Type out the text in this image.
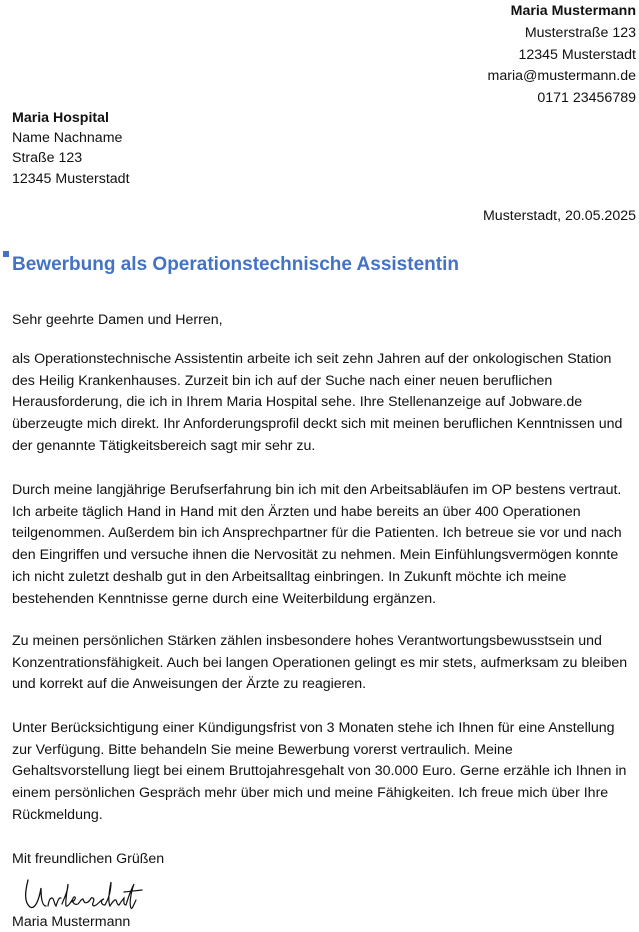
Maria Mustermann
Musterstraße 123
12345 Musterstadt
maria@mustermann.de
0171 23456789
Maria Hospital
Name Nachname
Straße 123
12345 Musterstadt
Musterstadt, 20.05.2025
Bewerbung als Operationstechnische Assistentin
Sehr geehrte Damen und Herren,

als Operationstechnische Assistentin arbeite ich seit zehn Jahren auf der onkologischen Station des Heilig Krankenhauses. Zurzeit bin ich auf der Suche nach einer neuen beruflichen Herausforderung, die ich in Ihrem Maria Hospital sehe. Ihre Stellenanzeige auf Jobware.de überzeugte mich direkt. Ihr Anforderungsprofil deckt sich mit meinen beruflichen Kenntnissen und der genannte Tätigkeitsbereich sagt mir sehr zu.

Durch meine langjährige Berufserfahrung bin ich mit den Arbeitsabläufen im OP bestens vertraut. Ich arbeite täglich Hand in Hand mit den Ärzten und habe bereits an über 400 Operationen teilgenommen. Außerdem bin ich Ansprechpartner für die Patienten. Ich betreue sie vor und nach den Eingriffen und versuche ihnen die Nervosität zu nehmen. Mein Einfühlungsvermögen konnte ich nicht zuletzt deshalb gut in den Arbeitsalltag einbringen. In Zukunft möchte ich meine bestehenden Kenntnisse gerne durch eine Weiterbildung ergänzen.

Zu meinen persönlichen Stärken zählen insbesondere hohes Verantwortungsbewusstsein und Konzentrationsfähigkeit. Auch bei langen Operationen gelingt es mir stets, aufmerksam zu bleiben und korrekt auf die Anweisungen der Ärzte zu reagieren.

Unter Berücksichtigung einer Kündigungsfrist von 3 Monaten stehe ich Ihnen für eine Anstellung zur Verfügung. Bitte behandeln Sie meine Bewerbung vorerst vertraulich. Meine Gehaltsvorstellung liegt bei einem Bruttojahresgehalt von 30.000 Euro. Gerne erzähle ich Ihnen in einem persönlichen Gespräch mehr über mich und meine Fähigkeiten. Ich freue mich über Ihre Rückmeldung.

Mit freundlichen Grüßen
Unterschrift
Maria Mustermann
